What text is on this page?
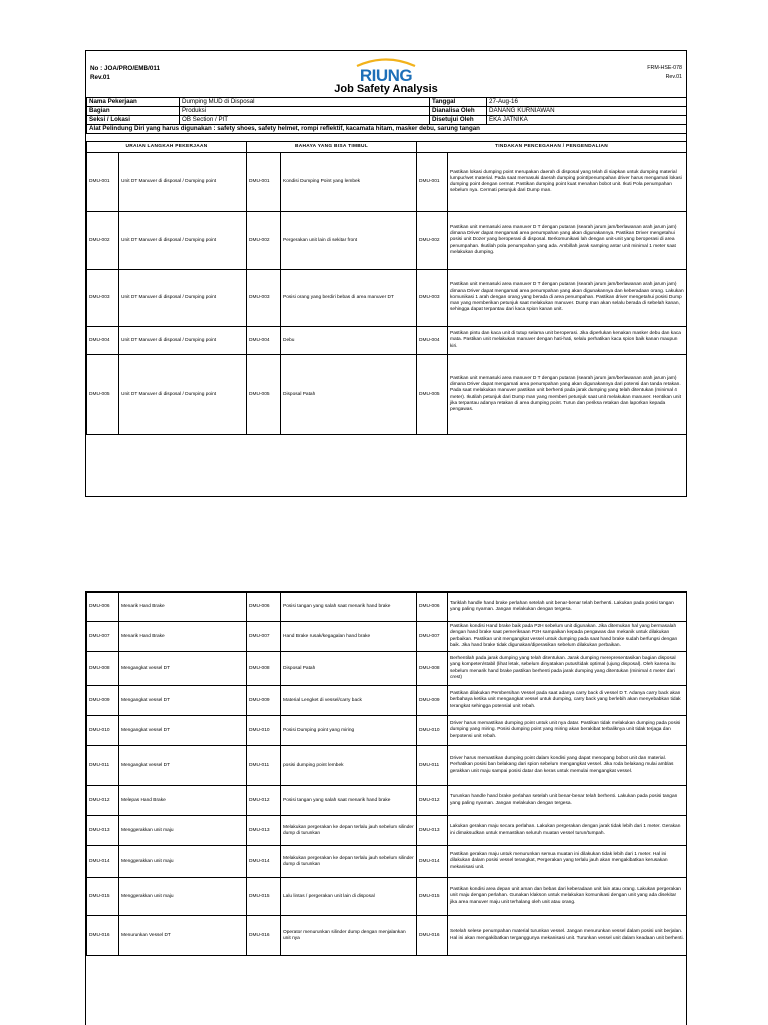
No : JOA/PRO/EMB/011
Rev.01	RIUNG	FRM-HSE-078
Rev.01
Job Safety Analysis
Nama Pekerjaan	Dumping MUD di Disposal	Tanggal	27-Aug-16
Bagian	Produksi	Dianalisa Oleh	DANANG KURNIAWAN
Seksi / Lokasi	OB Section / PIT	Disetujui Oleh	EKA JATNIKA
Alat Pelindung Diri yang harus digunakan : safety shoes, safety helmet, rompi reflektif, kacamata hitam, masker debu, sarung tangan			
URAIAN LANGKAH PEKERJAAN		BAHAYA YANG BISA TIMBUL		TINDAKAN PENCEGAHAN / PENGENDALIAN	
DMU-001	Unit DT Manuver di disposal / Dumping point	DMU-001	Kondisi Dumping Point yang lembek	DMU-001	Pastikan lokasi dumping point merupakan daerah di disposal yang telah di siapkan untuk dumping material lumpur/wet material. Pada saat memasuki daerah dumping point/penumpahan driver harus mengamati lokasi dumping point dengan cermat. Pastikan dumping point kuat menahan bobot unit. Ikuti Pola penumpahan sebelum nya. Cermati petunjuk dari Dump man.
DMU-002	Unit DT Manuver di disposal / Dumping point	DMU-002	Pergerakan unit lain di sekitar front	DMU-002	Pastikan unit memasuki area manuver D T dengan putaran (searah jarum jam/berlawanan arah jarum jam) dimana Driver dapat mengamati area penumpahan yang akan digunakannya. Pastikan Driver mengetahui posisi unit Dozer yang beroperasi di disposal. Berkomunikasi lah dengan unit-unit yang beroperasi di area penumpahan. Ikutilah pola penumpahan yang ada. Ambillah jarak samping antar unit minimal 1 meter saat melakukan dumping.
DMU-003	Unit DT Manuver di disposal / Dumping point	DMU-003	Posisi orang yang berdiri bebas di area manuver DT	DMU-003	Pastikan unit memasuki area manuver D T dengan putaran (searah jarum jam/berlawanan arah jarum jam) dimana Driver dapat mengamati area penumpahan yang akan digunakannya dan keberadaan orang. Lakukan komunikasi 1 arah dengan orang yang berada di area penumpahan. Pastikan driver mengetahui posisi Dump man yang memberikan petunjuk saat melakukan manuver. Dump man akan selalu berada di sebelah kanan, sehingga dapat terpantau dari kaca spion kanan unit.
DMU-004	Unit DT Manuver di disposal / Dumping point	DMU-004	Debu	DMU-004	Pastikan pintu dan kaca unit di tutup selama unit beroperasi. Jika diperlukan kenakan masker debu dan kaca mata. Pastikan unit melakukan manuver dengan hati-hati, selalu perhatikan kaca spion baik kanan maupun kiri.
DMU-005	Unit DT Manuver di disposal / Dumping point	DMU-005	Disposal Patah	DMU-005	Pastikan unit memasuki area manuver D T dengan putaran (searah jarum jam/berlawanan arah jarum jam) dimana Driver dapat mengamati area penumpahan yang akan digunakannya dari potensi dan tanda retakan. Pada saat melakukan manuver pastikan unit berhenti pada jarak dumping yang telah ditentukan (minimal 4 meter). Ikutilah petunjuk dari Dump man yang memberi petunjuk saat unit melakukan manuver. Hentikan unit jika terpantau adanya retakan di area dumping point. Turun dan periksa retakan dan laporkan kepada pengawas.
DMU-006	Menarik Hand Brake	DMU-006	Posisi tangan yang salah saat menarik hand brake	DMU-006	Tariklah handle hand brake perlahan setelah unit benar-benar telah berhenti. Lakukan pada posisi tangan yang paling nyaman. Jangan melakukan dengan tergesa.
DMU-007	Menarik Hand Brake	DMU-007	Hand Brake rusak/kegagalan hand brake	DMU-007	Pastikan kondisi Hand brake baik pada P2H sebelum unit digunakan. Jika ditemukan hal yang bermasalah dengan hand brake saat pemeriksaan P2H sampaikan kepada pengawas dan mekanik untuk dilakukan perbaikan. Pastikan unit mengangkat vessel untuk dumping pada saat hand brake sudah berfungsi dengan baik. Jika hand brake tidak digunakan/diperasikan sebelum dilakukan perbaikan.
DMU-008	Mengangkat vessel DT	DMU-008	Disposal Patah	DMU-008	Berhentilah pada jarak dumping yang telah ditentukan. Jarak dumping merepresentasikan bagian disposal yang kompeten/stabil (lihat letak, sebelum dinyatakan putus/tidak optimal (ujung disposal). Oleh karena itu sebelum menarik hand brake pastikan berhenti pada jarak dumping yang ditentukan (minimal 4 meter dari crest)
DMU-009	Mengangkat vessel DT	DMU-009	Material Lengket di vessel/carry back	DMU-009	Pastikan dilakukan Pembersihan Vessel pada saat adanya carry back di vessel D T. Adanya carry back akan berbahaya ketika unit mengangkat vessel untuk dumping, carry back yang berlebih akan menyebabkan tidak terangkat sehingga potensial unit rebah.
DMU-010	Mengangkat vessel DT	DMU-010	Posisi Dumping point yang miring	DMU-010	Driver harus memastikan dumping point untuk unit nya datar. Pastikan tidak melakukan dumping pada posisi dumping yang miring. Posisi dumping point yang miring akan berakibat terbaliknya unit tidak terjaga dan berpotensi unit rebah.
DMU-011	Mengangkat vessel DT	DMU-011	posisi dumping point lembek	DMU-011	Driver harus memastikan dumping point dalam kondisi yang dapat menopang bobot unit dan material. Perhatikan posisi ban belakang dari spion sebelum mengangkat vessel. Jika roda belakang mulai amblas gerakkan unit maju sampai posisi datar dan keras untuk memulai mengangkat vessel.
DMU-012	Melepas Hand Brake	DMU-012	Posisi tangan yang salah saat menarik hand brake	DMU-012	Turunkan handle hand brake perlahan setelah unit benar-benar telah berhenti. Lakukan pada posisi tangan yang paling nyaman. Jangan melakukan dengan tergesa.
DMU-013	Menggerakkan unit maju	DMU-013	Melakukan pergerakan ke depan terlalu jauh sebelum silinder dump di turunkan	DMU-013	Lakukan gerakan maju secara perlahan. Lakukan pergerakan dengan jarak tidak lebih dari 1 meter. Gerakan ini dimaksudkan untuk memastikan seluruh muatan vessel turun/tumpah.
DMU-014	Menggerakkan unit maju	DMU-014	Melakukan pergerakan ke depan terlalu jauh sebelum silinder dump di turunkan	DMU-014	Pastikan gerakan maju untuk menurunkan semua muatan ini dilakukan tidak lebih dari 1 meter. Hal ini dilakukan dalam posisi vessel terangkat, Pergerakan yang terlalu jauh akan mengakibatkan kerusakan mekanisasi unit.
DMU-015	Menggerakkan unit maju	DMU-015	Lalu lintas / pergerakan unit lain di disposal	DMU-015	Pastikan kondisi area depan unit aman dan bebas dari keberadaan unit lain atau orang. Lakukan pergerakan unit maju dengan perlahan. Gunakan klakson untuk melakukan komunikasi dengan unit yang ada disekitar jika area manuver maju unit terhalang oleh unit atau orang.
DMU-016	Menurunkan Vessel DT	DMU-016	Operator menurunkan silinder dump dengan menjalankan unit nya	DMU-016	Setelah selese penumpahan material turunkan vessel. Jangan menurunkan vessel dalam posisi unit berjalan. Hal ini akan mengakibatkan terganggunya mekanisasi unit. Turunkan vessel unit dalam keadaan unit berhenti.
